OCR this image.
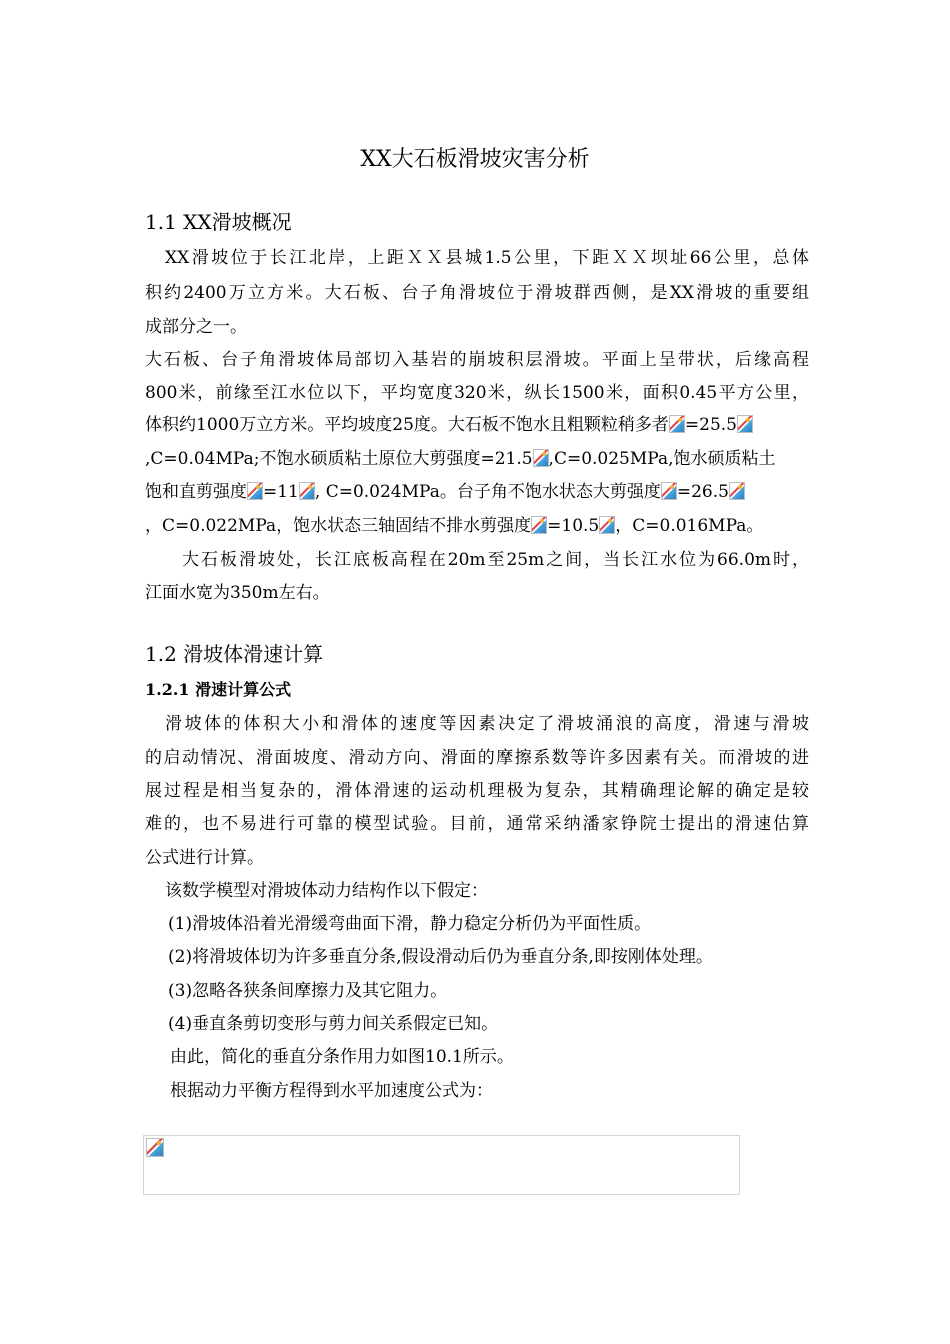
XX大石板滑坡灾害分析
1.1 XX滑坡概况
XX滑坡位于长江北岸，上距ＸＸ县城1.5公里，下距ＸＸ坝址66公里，总体
积约2400万立方米。大石板、台子角滑坡位于滑坡群西侧，是XX滑坡的重要组
成部分之一。
大石板、台子角滑坡体局部切入基岩的崩坡积层滑坡。平面上呈带状，后缘高程
800米，前缘至江水位以下，平均宽度320米，纵长1500米，面积0.45平方公里，
体积约1000万立方米。平均坡度25度。大石板不饱水且粗颗粒稍多者 =25.5
,C=0.04MPa;不饱水硕质粘土原位大剪强度=21.5 ,C=0.025MPa,饱水硕质粘土
饱和直剪强度 =11 , C=0.024MPa。台子角不饱水状态大剪强度 =26.5
，C=0.022MPa，饱水状态三轴固结不排水剪强度 =10.5 ，C=0.016MPa。
大石板滑坡处，长江底板高程在20m至25m之间，当长江水位为66.0m时，
江面水宽为350m左右。
1.2 滑坡体滑速计算
1.2.1 滑速计算公式
滑坡体的体积大小和滑体的速度等因素决定了滑坡涌浪的高度，滑速与滑坡
的启动情况、滑面坡度、滑动方向、滑面的摩擦系数等许多因素有关。而滑坡的进
展过程是相当复杂的，滑体滑速的运动机理极为复杂，其精确理论解的确定是较
难的，也不易进行可靠的模型试验。目前，通常采纳潘家铮院士提出的滑速估算
公式进行计算。
该数学模型对滑坡体动力结构作以下假定：
(1)滑坡体沿着光滑缓弯曲面下滑，静力稳定分析仍为平面性质。
(2)将滑坡体切为许多垂直分条,假设滑动后仍为垂直分条,即按刚体处理。
(3)忽略各狭条间摩擦力及其它阻力。
(4)垂直条剪切变形与剪力间关系假定已知。
由此，简化的垂直分条作用力如图10.1所示。
根据动力平衡方程得到水平加速度公式为：
